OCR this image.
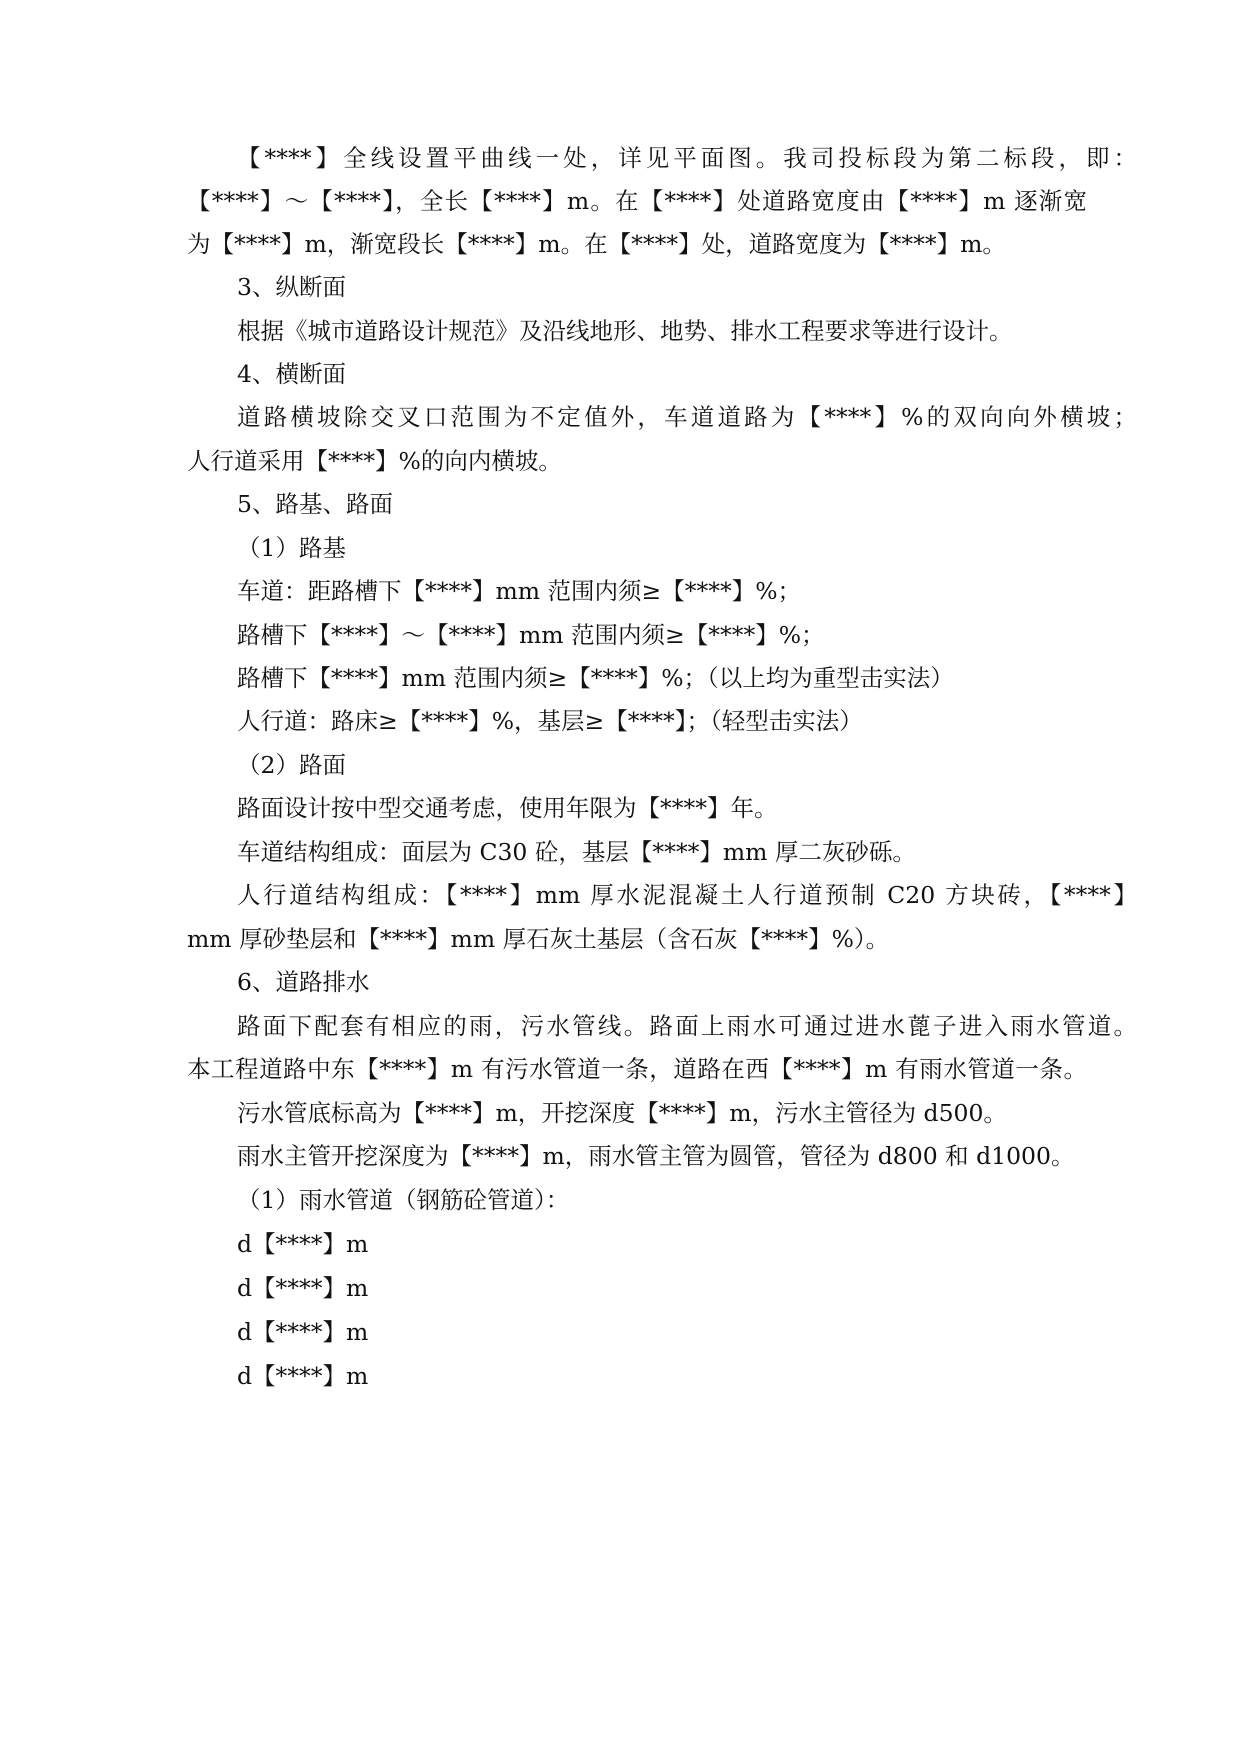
【****】全线设置平曲线一处，详见平面图。我司投标段为第二标段，即：

【****】～【****】，全长【****】m。在【****】处道路宽度由【****】m 逐渐宽

为【****】m，渐宽段长【****】m。在【****】处，道路宽度为【****】m。

3、纵断面

根据《城市道路设计规范》及沿线地形、地势、排水工程要求等进行设计。

4、横断面

道路横坡除交叉口范围为不定值外，车道道路为【****】%的双向向外横坡；

人行道采用【****】%的向内横坡。

5、路基、路面

（1）路基

车道：距路槽下【****】mm 范围内须≥【****】%；

路槽下【****】～【****】mm 范围内须≥【****】%；

路槽下【****】mm 范围内须≥【****】%；（以上均为重型击实法）

人行道：路床≥【****】%，基层≥【****】；（轻型击实法）

（2）路面

路面设计按中型交通考虑，使用年限为【****】年。

车道结构组成：面层为 C30 砼，基层【****】mm 厚二灰砂砾。

人行道结构组成：【****】mm 厚水泥混凝土人行道预制 C20 方块砖，【****】

mm 厚砂垫层和【****】mm 厚石灰土基层（含石灰【****】%）。

6、道路排水

路面下配套有相应的雨，污水管线。路面上雨水可通过进水蓖子进入雨水管道。

本工程道路中东【****】m 有污水管道一条，道路在西【****】m 有雨水管道一条。

污水管底标高为【****】m，开挖深度【****】m，污水主管径为 d500。

雨水主管开挖深度为【****】m，雨水管主管为圆管，管径为 d800 和 d1000。

（1）雨水管道（钢筋砼管道）：

d【****】m

d【****】m

d【****】m

d【****】m
